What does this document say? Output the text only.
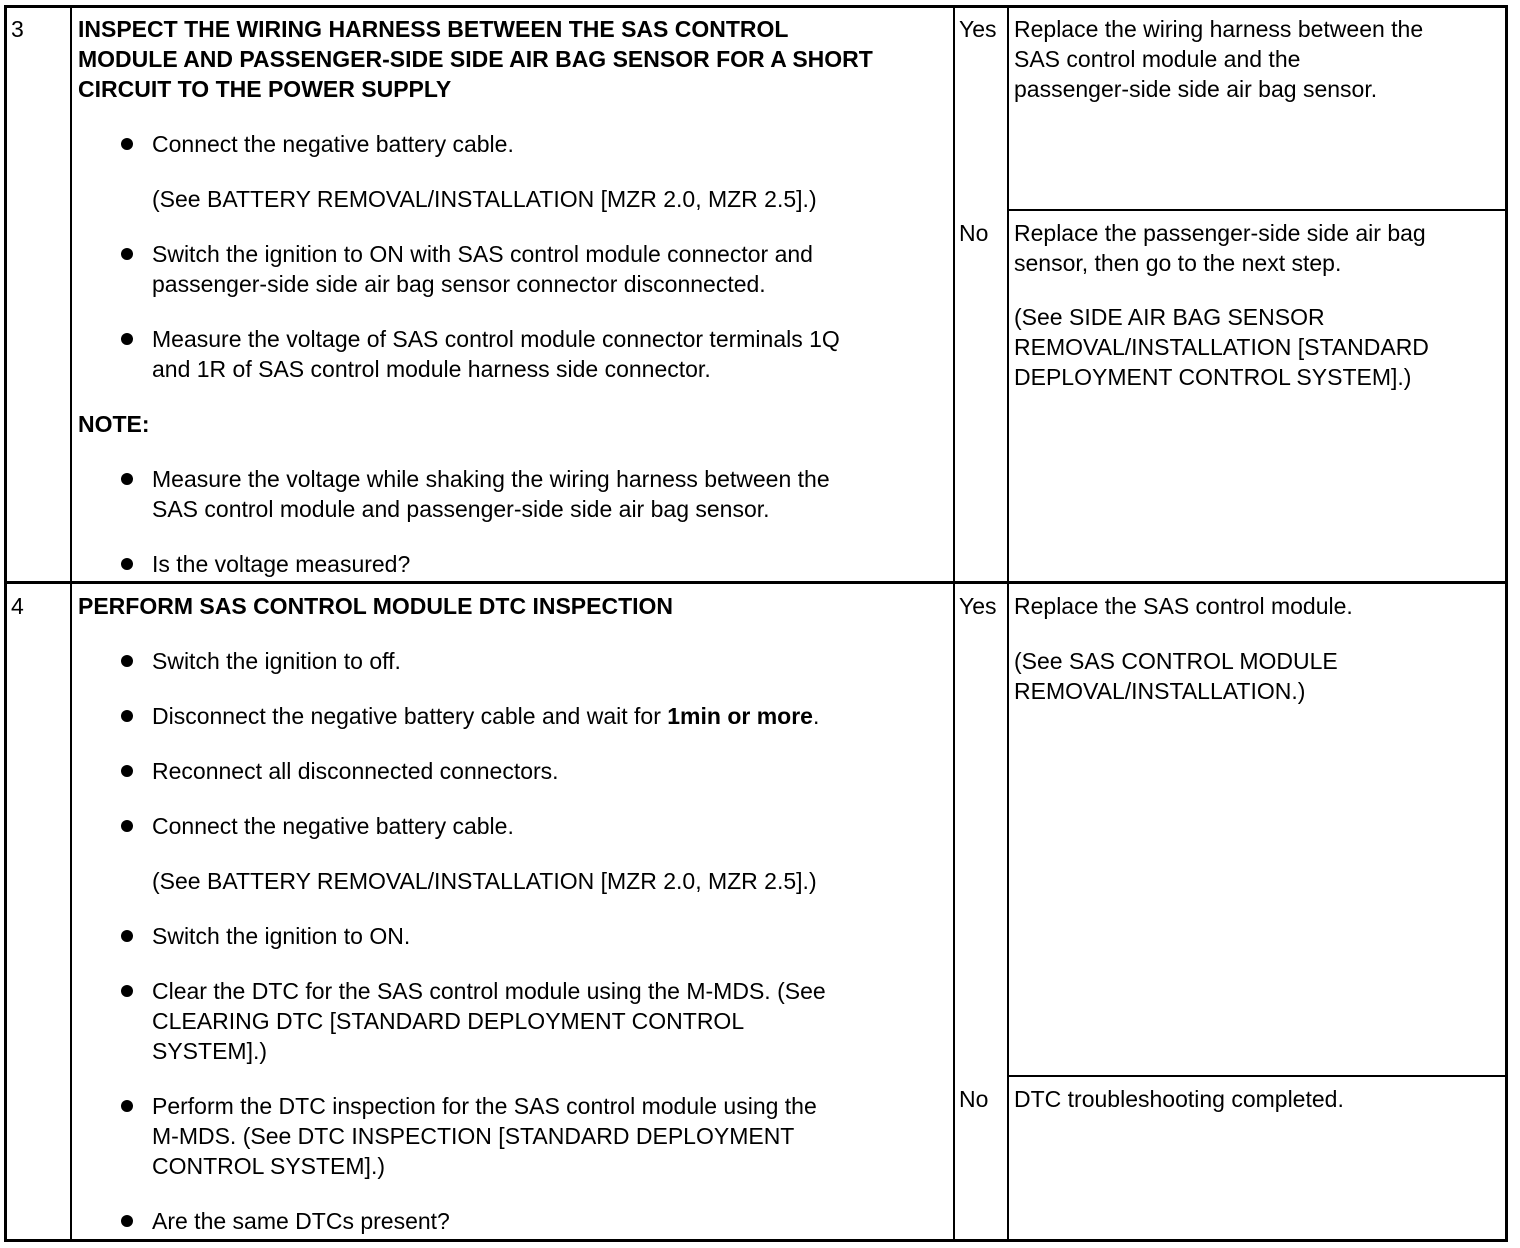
3 INSPECT THE WIRING HARNESS BETWEEN THE SAS CONTROL
MODULE AND PASSENGER-SIDE SIDE AIR BAG SENSOR FOR A SHORT
CIRCUIT TO THE POWER SUPPLY
Connect the negative battery cable.
(See BATTERY REMOVAL/INSTALLATION [MZR 2.0, MZR 2.5].)
Switch the ignition to ON with SAS control module connector and
passenger-side side air bag sensor connector disconnected.
Measure the voltage of SAS control module connector terminals 1Q
and 1R of SAS control module harness side connector.
NOTE:
Measure the voltage while shaking the wiring harness between the
SAS control module and passenger-side side air bag sensor.
Is the voltage measured?
Yes Replace the wiring harness between the
SAS control module and the
passenger-side side air bag sensor.
No Replace the passenger-side side air bag
sensor, then go to the next step.
(See SIDE AIR BAG SENSOR
REMOVAL/INSTALLATION [STANDARD
DEPLOYMENT CONTROL SYSTEM].)
4 PERFORM SAS CONTROL MODULE DTC INSPECTION
Switch the ignition to off.
Disconnect the negative battery cable and wait for 1min or more.
Reconnect all disconnected connectors.
Connect the negative battery cable.
(See BATTERY REMOVAL/INSTALLATION [MZR 2.0, MZR 2.5].)
Switch the ignition to ON.
Clear the DTC for the SAS control module using the M-MDS. (See
CLEARING DTC [STANDARD DEPLOYMENT CONTROL
SYSTEM].)
Perform the DTC inspection for the SAS control module using the
M-MDS. (See DTC INSPECTION [STANDARD DEPLOYMENT
CONTROL SYSTEM].)
Are the same DTCs present?
Yes Replace the SAS control module.
(See SAS CONTROL MODULE
REMOVAL/INSTALLATION.)
No DTC troubleshooting completed.
